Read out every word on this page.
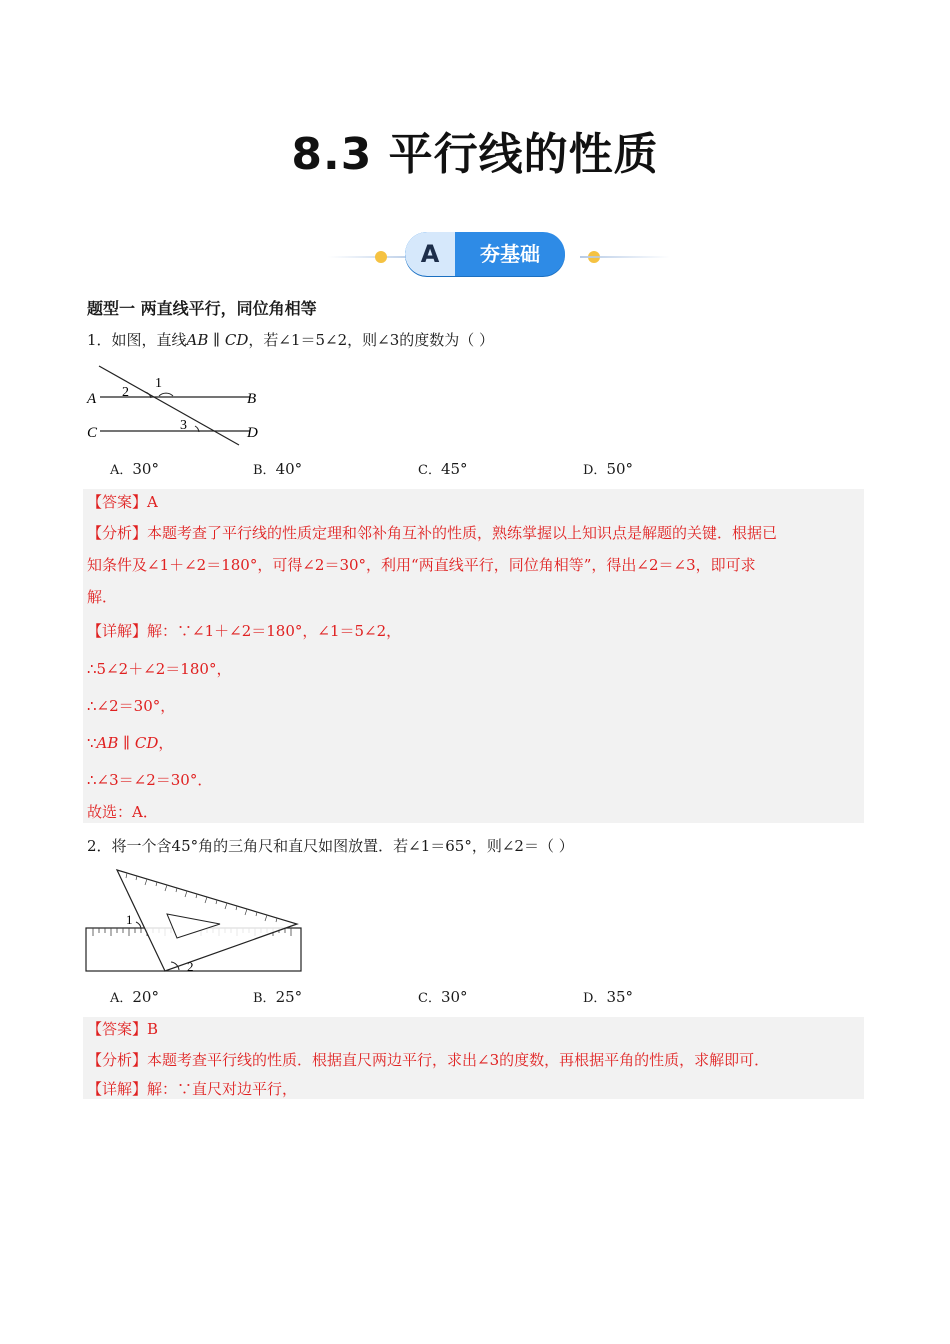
8.3 平行线的性质
A	夯基础
题型一 两直线平行，同位角相等
1．如图，直线AB ∥ CD，若∠1＝5∠2，则∠3的度数为（ ）
A	B
C	D
1
2
3
A．30°	B．40°	C．45°	D．50°
【答案】A
【分析】本题考查了平行线的性质定理和邻补角互补的性质，熟练掌握以上知识点是解题的关键．根据已
知条件及∠1＋∠2＝180°，可得∠2＝30°，利用“两直线平行，同位角相等”，得出∠2＝∠3，即可求
解．
【详解】解：∵∠1＋∠2＝180°，∠1＝5∠2，
∴5∠2＋∠2＝180°，
∴∠2＝30°，
∵AB ∥ CD，
∴∠3＝∠2＝30°．
故选：A．
2．将一个含45°角的三角尺和直尺如图放置．若∠1＝65°，则∠2＝（ ）
1
2
A．20°	B．25°	C．30°	D．35°
【答案】B
【分析】本题考查平行线的性质．根据直尺两边平行，求出∠3的度数，再根据平角的性质，求解即可．
【详解】解：∵直尺对边平行，
